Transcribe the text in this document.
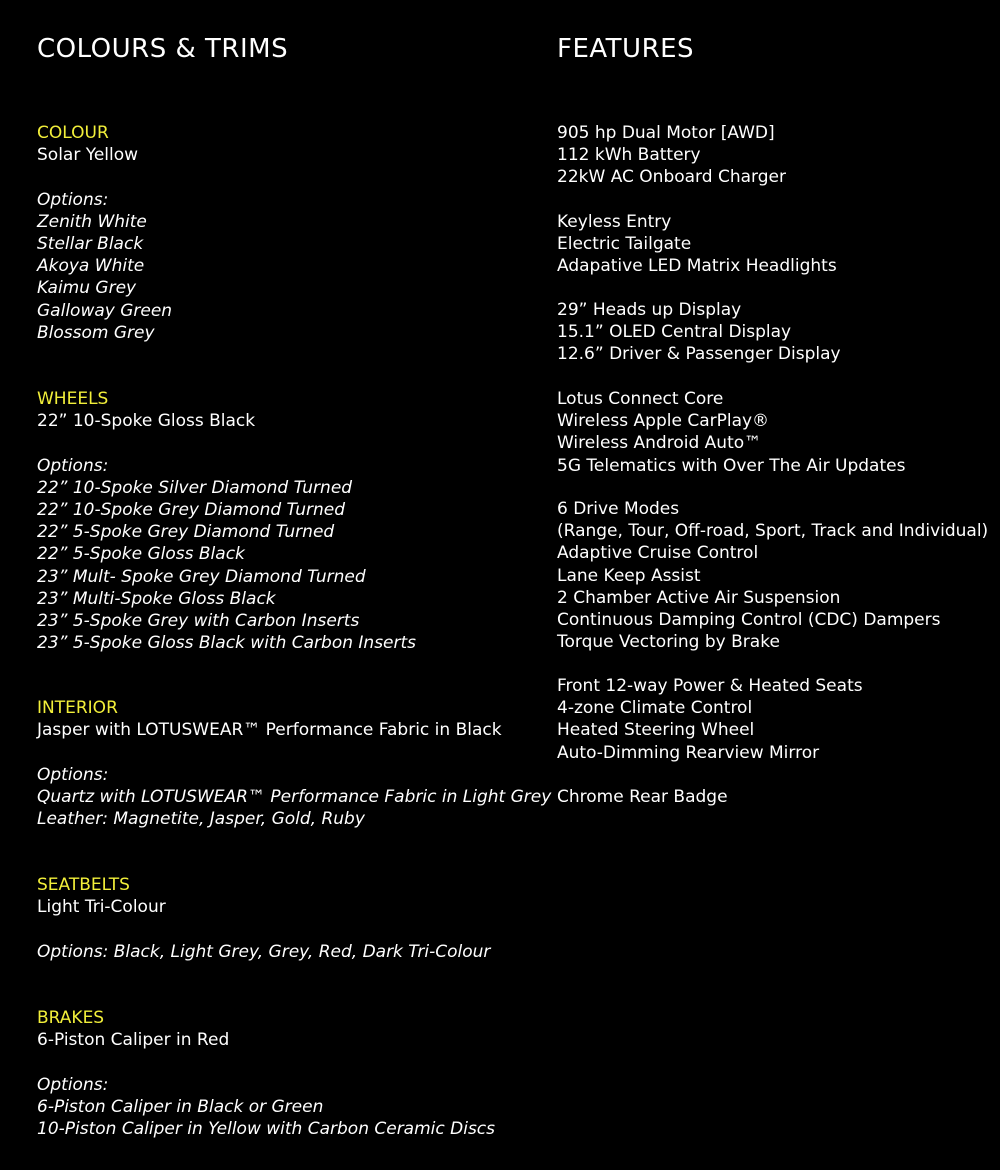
COLOURS & TRIMS
COLOUR
Solar Yellow
Options:
Zenith White
Stellar Black
Akoya White
Kaimu Grey
Galloway Green
Blossom Grey
WHEELS
22” 10-Spoke Gloss Black
Options:
22” 10-Spoke Silver Diamond Turned
22” 10-Spoke Grey Diamond Turned
22” 5-Spoke Grey Diamond Turned
22” 5-Spoke Gloss Black
23” Mult- Spoke Grey Diamond Turned
23” Multi-Spoke Gloss Black
23” 5-Spoke Grey with Carbon Inserts
23” 5-Spoke Gloss Black with Carbon Inserts
INTERIOR
Jasper with LOTUSWEAR™ Performance Fabric in Black
Options:
Quartz with LOTUSWEAR™ Performance Fabric in Light Grey
Leather: Magnetite, Jasper, Gold, Ruby
SEATBELTS
Light Tri-Colour
Options: Black, Light Grey, Grey, Red, Dark Tri-Colour
BRAKES
6-Piston Caliper in Red
Options:
6-Piston Caliper in Black or Green
10-Piston Caliper in Yellow with Carbon Ceramic Discs
FEATURES
905 hp Dual Motor [AWD]
112 kWh Battery
22kW AC Onboard Charger
Keyless Entry
Electric Tailgate
Adapative LED Matrix Headlights
29” Heads up Display
15.1” OLED Central Display
12.6” Driver & Passenger Display
Lotus Connect Core
Wireless Apple CarPlay®
Wireless Android Auto™
5G Telematics with Over The Air Updates
6 Drive Modes
(Range, Tour, Off-road, Sport, Track and Individual)
Adaptive Cruise Control
Lane Keep Assist
2 Chamber Active Air Suspension
Continuous Damping Control (CDC) Dampers
Torque Vectoring by Brake
Front 12-way Power & Heated Seats
4-zone Climate Control
Heated Steering Wheel
Auto-Dimming Rearview Mirror
Chrome Rear Badge
